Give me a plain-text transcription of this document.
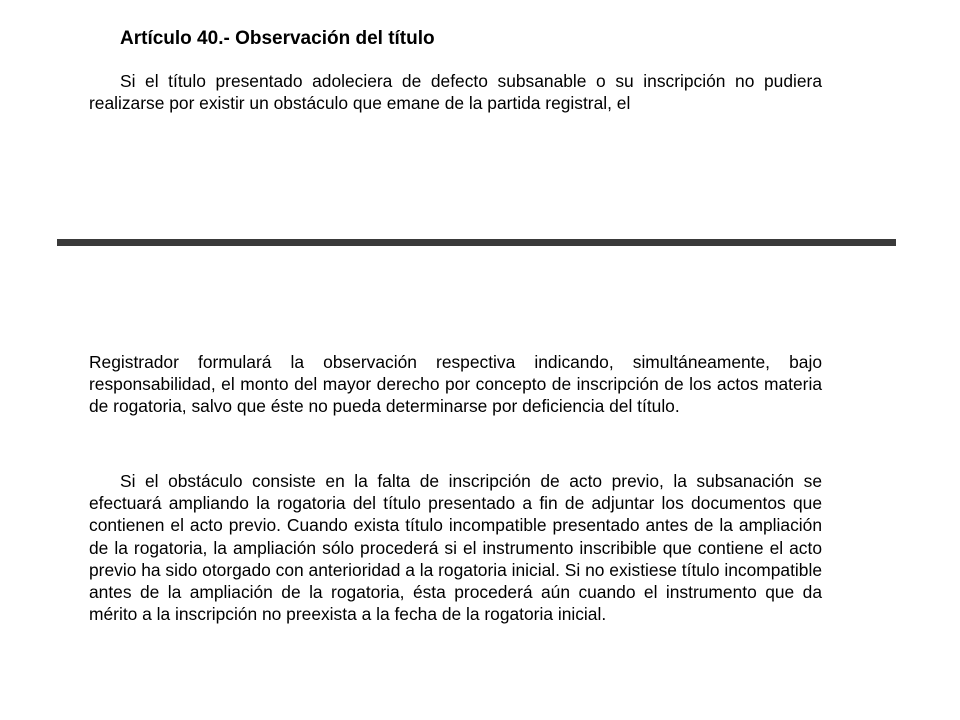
Artículo 40.- Observación del título

Si el título presentado adoleciera de defecto subsanable o su inscripción no pudiera realizarse por existir un obstáculo que emane de la partida registral, el

Registrador formulará la observación respectiva indicando, simultáneamente, bajo responsabilidad, el monto del mayor derecho por concepto de inscripción de los actos materia de rogatoria, salvo que éste no pueda determinarse por deficiencia del título.

Si el obstáculo consiste en la falta de inscripción de acto previo, la subsanación se efectuará ampliando la rogatoria del título presentado a fin de adjuntar los documentos que contienen el acto previo. Cuando exista título incompatible presentado antes de la ampliación de la rogatoria, la ampliación sólo procederá si el instrumento inscribible que contiene el acto previo ha sido otorgado con anterioridad a la rogatoria inicial. Si no existiese título incompatible antes de la ampliación de la rogatoria, ésta procederá aún cuando el instrumento que da mérito a la inscripción no preexista a la fecha de la rogatoria inicial.
